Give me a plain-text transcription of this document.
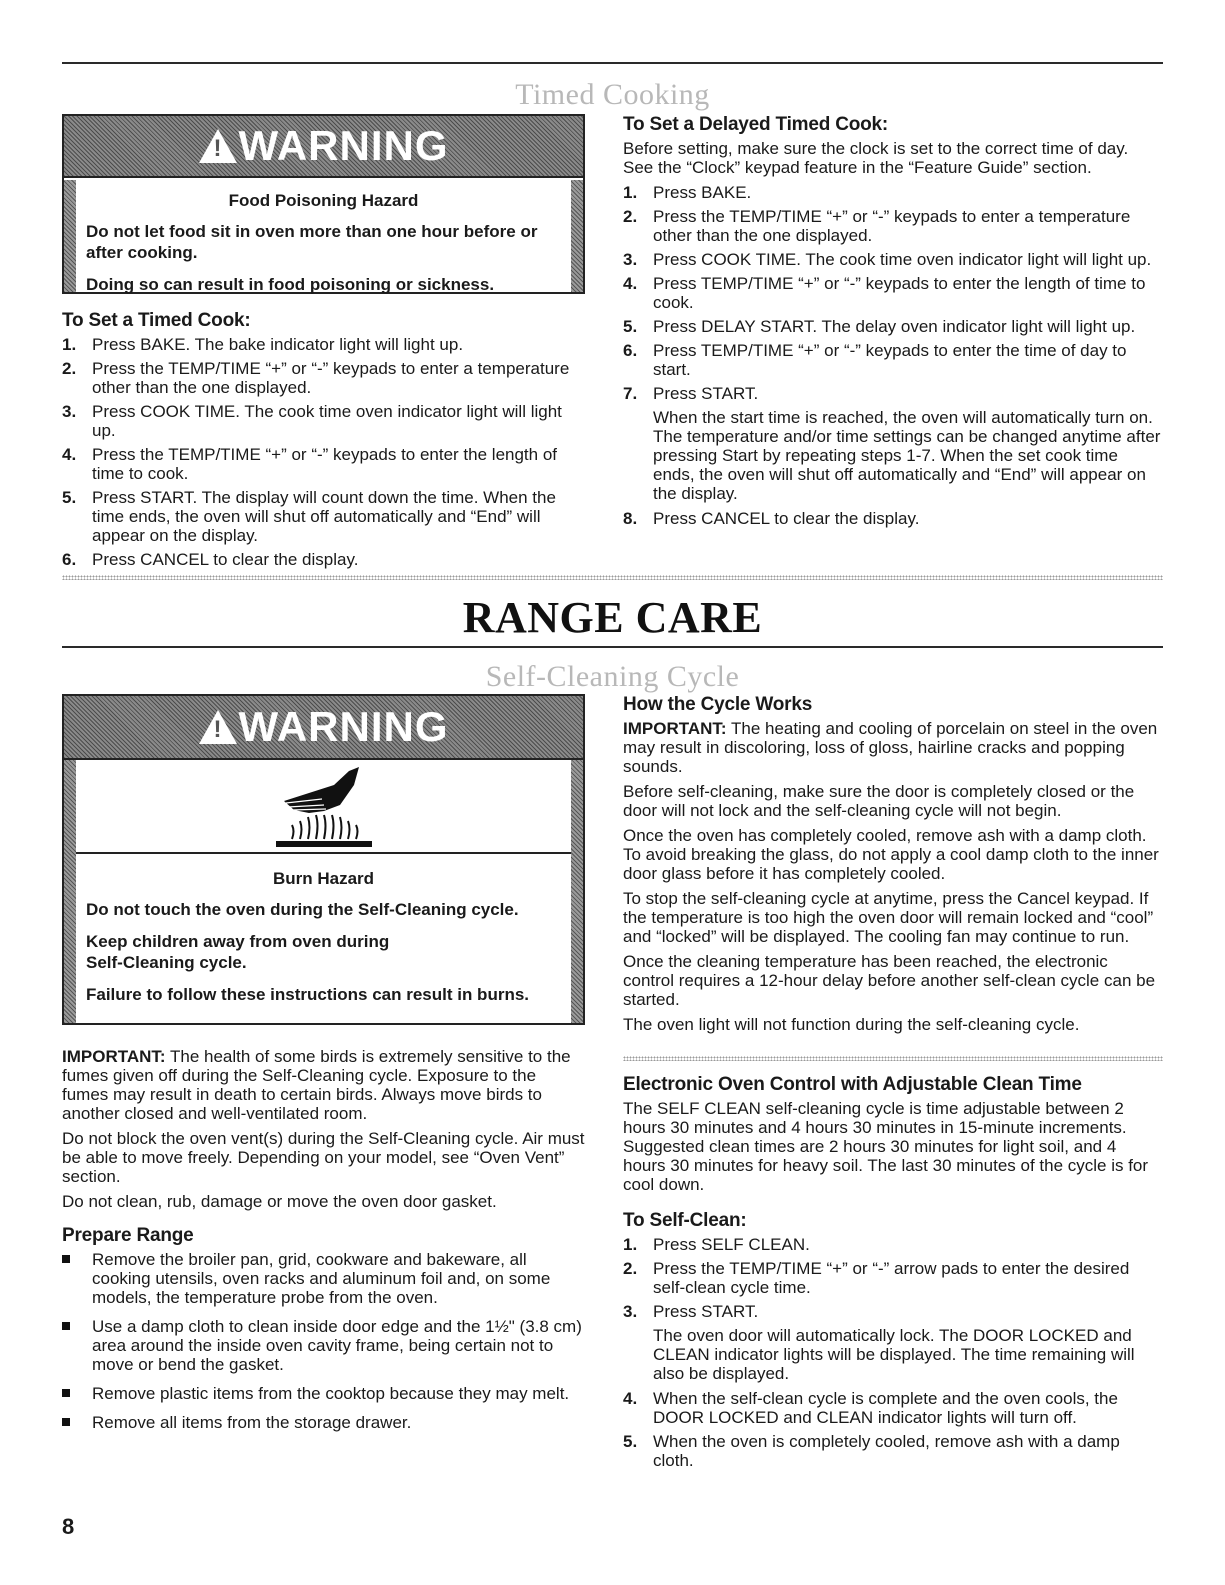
Timed Cooking
!
WARNING
Food Poisoning Hazard

Do not let food sit in oven more than one hour before or after cooking.

Doing so can result in food poisoning or sickness.

To Set a Timed Cook:
1. Press BAKE. The bake indicator light will light up.
2. Press the TEMP/TIME “+” or “-” keypads to enter a temperature other than the one displayed.
3. Press COOK TIME. The cook time oven indicator light will light up.
4. Press the TEMP/TIME “+” or “-” keypads to enter the length of time to cook.
5. Press START. The display will count down the time. When the time ends, the oven will shut off automatically and “End” will appear on the display.
6. Press CANCEL to clear the display.
To Set a Delayed Timed Cook:

Before setting, make sure the clock is set to the correct time of day. See the “Clock” keypad feature in the “Feature Guide” section.

1. Press BAKE.
2. Press the TEMP/TIME “+” or “-” keypads to enter a temperature other than the one displayed.
3. Press COOK TIME. The cook time oven indicator light will light up.
4. Press TEMP/TIME “+” or “-” keypads to enter the length of time to cook.
5. Press DELAY START. The delay oven indicator light will light up.
6. Press TEMP/TIME “+” or “-” keypads to enter the time of day to start.
7. Press START.

When the start time is reached, the oven will automatically turn on. The temperature and/or time settings can be changed anytime after pressing Start by repeating steps 1-7. When the set cook time ends, the oven will shut off automatically and “End” will appear on the display.

8. Press CANCEL to clear the display.
RANGE CARE
Self-Cleaning Cycle
!
WARNING
Burn Hazard

Do not touch the oven during the Self-Cleaning cycle.

Keep children away from oven during Self-Cleaning cycle.

Failure to follow these instructions can result in burns.

IMPORTANT: The health of some birds is extremely sensitive to the fumes given off during the Self-Cleaning cycle. Exposure to the fumes may result in death to certain birds. Always move birds to another closed and well-ventilated room.

Do not block the oven vent(s) during the Self-Cleaning cycle. Air must be able to move freely. Depending on your model, see “Oven Vent” section.

Do not clean, rub, damage or move the oven door gasket.

Prepare Range
Remove the broiler pan, grid, cookware and bakeware, all cooking utensils, oven racks and aluminum foil and, on some models, the temperature probe from the oven.
Use a damp cloth to clean inside door edge and the 1½" (3.8 cm) area around the inside oven cavity frame, being certain not to move or bend the gasket.
Remove plastic items from the cooktop because they may melt.
Remove all items from the storage drawer.
How the Cycle Works

IMPORTANT: The heating and cooling of porcelain on steel in the oven may result in discoloring, loss of gloss, hairline cracks and popping sounds.

Before self-cleaning, make sure the door is completely closed or the door will not lock and the self-cleaning cycle will not begin.

Once the oven has completely cooled, remove ash with a damp cloth. To avoid breaking the glass, do not apply a cool damp cloth to the inner door glass before it has completely cooled.

To stop the self-cleaning cycle at anytime, press the Cancel keypad. If the temperature is too high the oven door will remain locked and “cool” and “locked” will be displayed. The cooling fan may continue to run.

Once the cleaning temperature has been reached, the electronic control requires a 12-hour delay before another self-clean cycle can be started.

The oven light will not function during the self-cleaning cycle.

Electronic Oven Control with Adjustable Clean Time

The SELF CLEAN self-cleaning cycle is time adjustable between 2 hours 30 minutes and 4 hours 30 minutes in 15-minute increments. Suggested clean times are 2 hours 30 minutes for light soil, and 4 hours 30 minutes for heavy soil. The last 30 minutes of the cycle is for cool down.

To Self-Clean:
1. Press SELF CLEAN.
2. Press the TEMP/TIME “+” or “-” arrow pads to enter the desired self-clean cycle time.
3. Press START.

The oven door will automatically lock. The DOOR LOCKED and CLEAN indicator lights will be displayed. The time remaining will also be displayed.

4. When the self-clean cycle is complete and the oven cools, the DOOR LOCKED and CLEAN indicator lights will turn off.
5. When the oven is completely cooled, remove ash with a damp cloth.
8
